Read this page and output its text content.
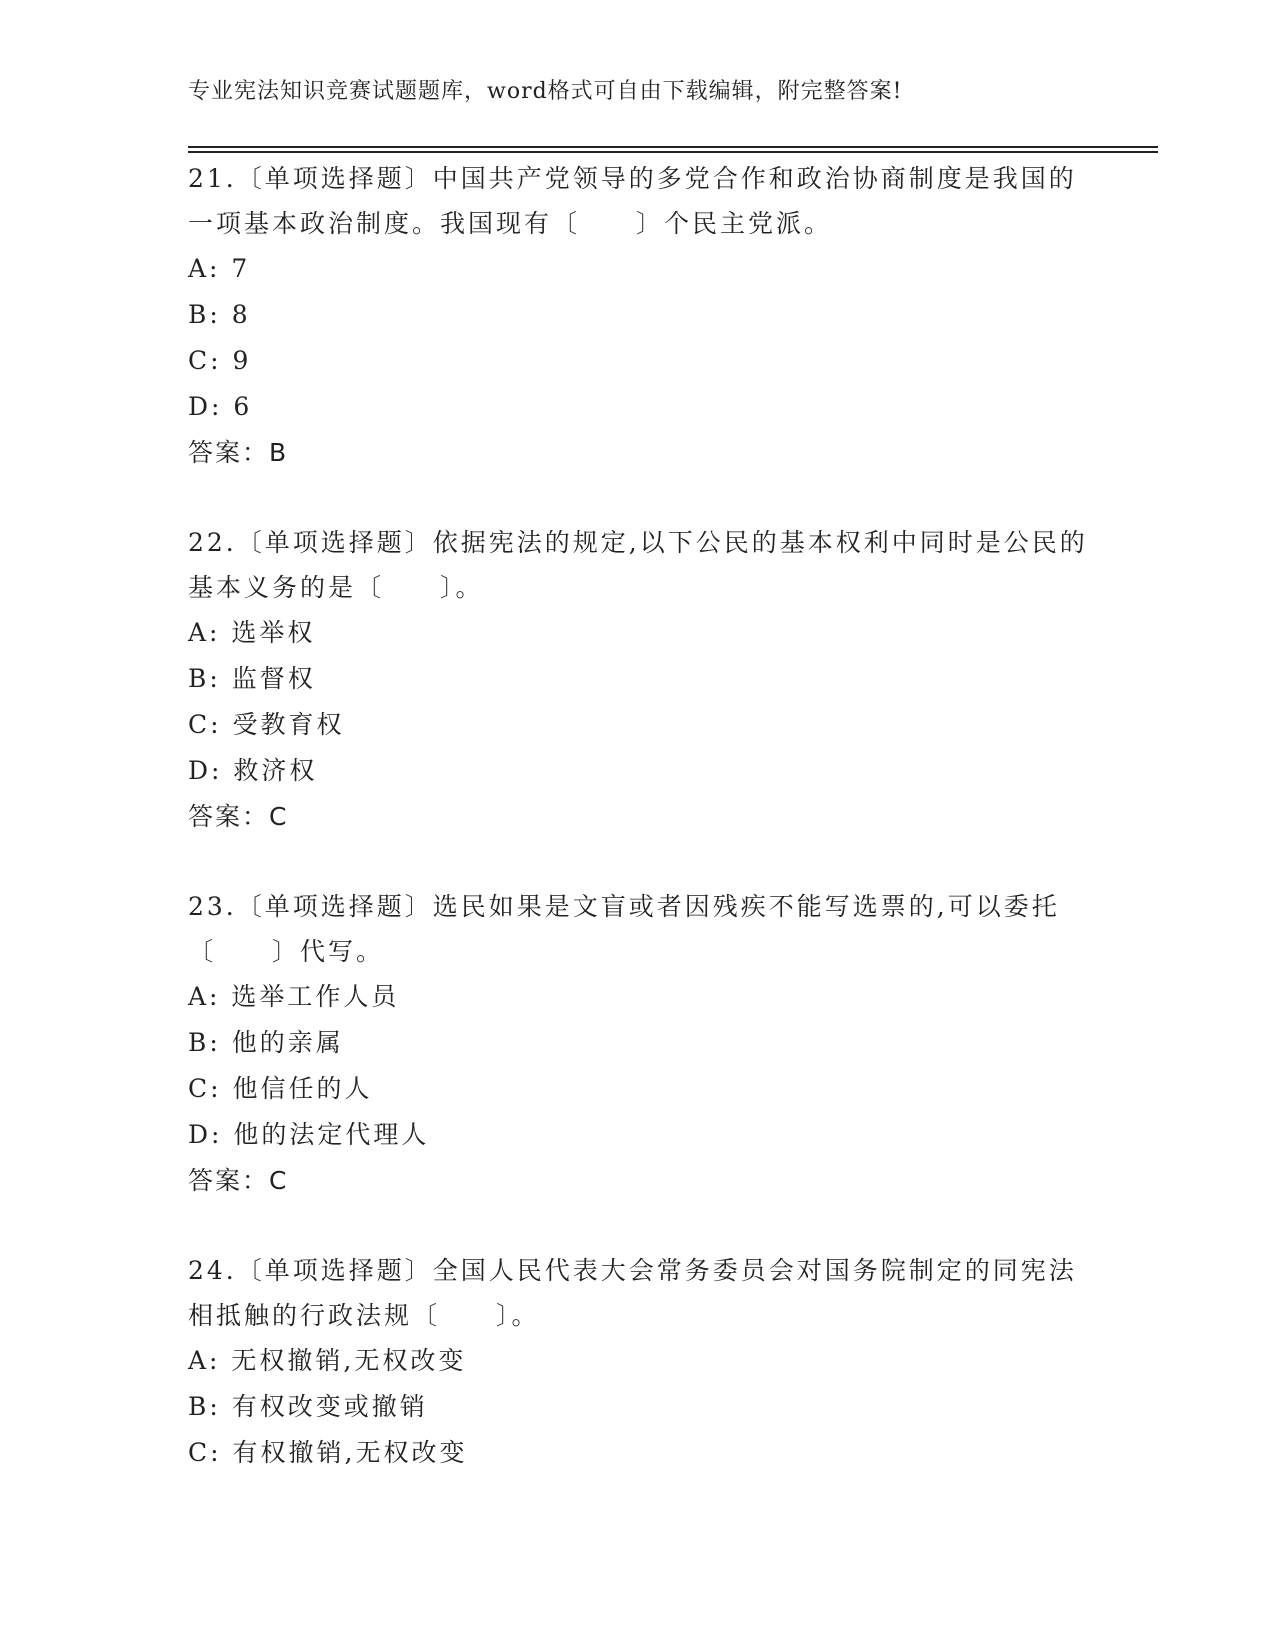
专业宪法知识竞赛试题题库，word格式可自由下载编辑，附完整答案!

21.〔单项选择题〕中国共产党领导的多党合作和政治协商制度是我国的一项基本政治制度。我国现有〔　　〕个民主党派。

A: 7
B: 8
C: 9
D: 6
答案：B

22.〔单项选择题〕依据宪法的规定,以下公民的基本权利中同时是公民的基本义务的是〔　　〕。

A: 选举权
B: 监督权
C: 受教育权
D: 救济权
答案：C

23.〔单项选择题〕选民如果是文盲或者因残疾不能写选票的,可以委托〔　　〕代写。

A: 选举工作人员
B: 他的亲属
C: 他信任的人
D: 他的法定代理人
答案：C

24.〔单项选择题〕全国人民代表大会常务委员会对国务院制定的同宪法相抵触的行政法规〔　　〕。

A: 无权撤销,无权改变
B: 有权改变或撤销
C: 有权撤销,无权改变
